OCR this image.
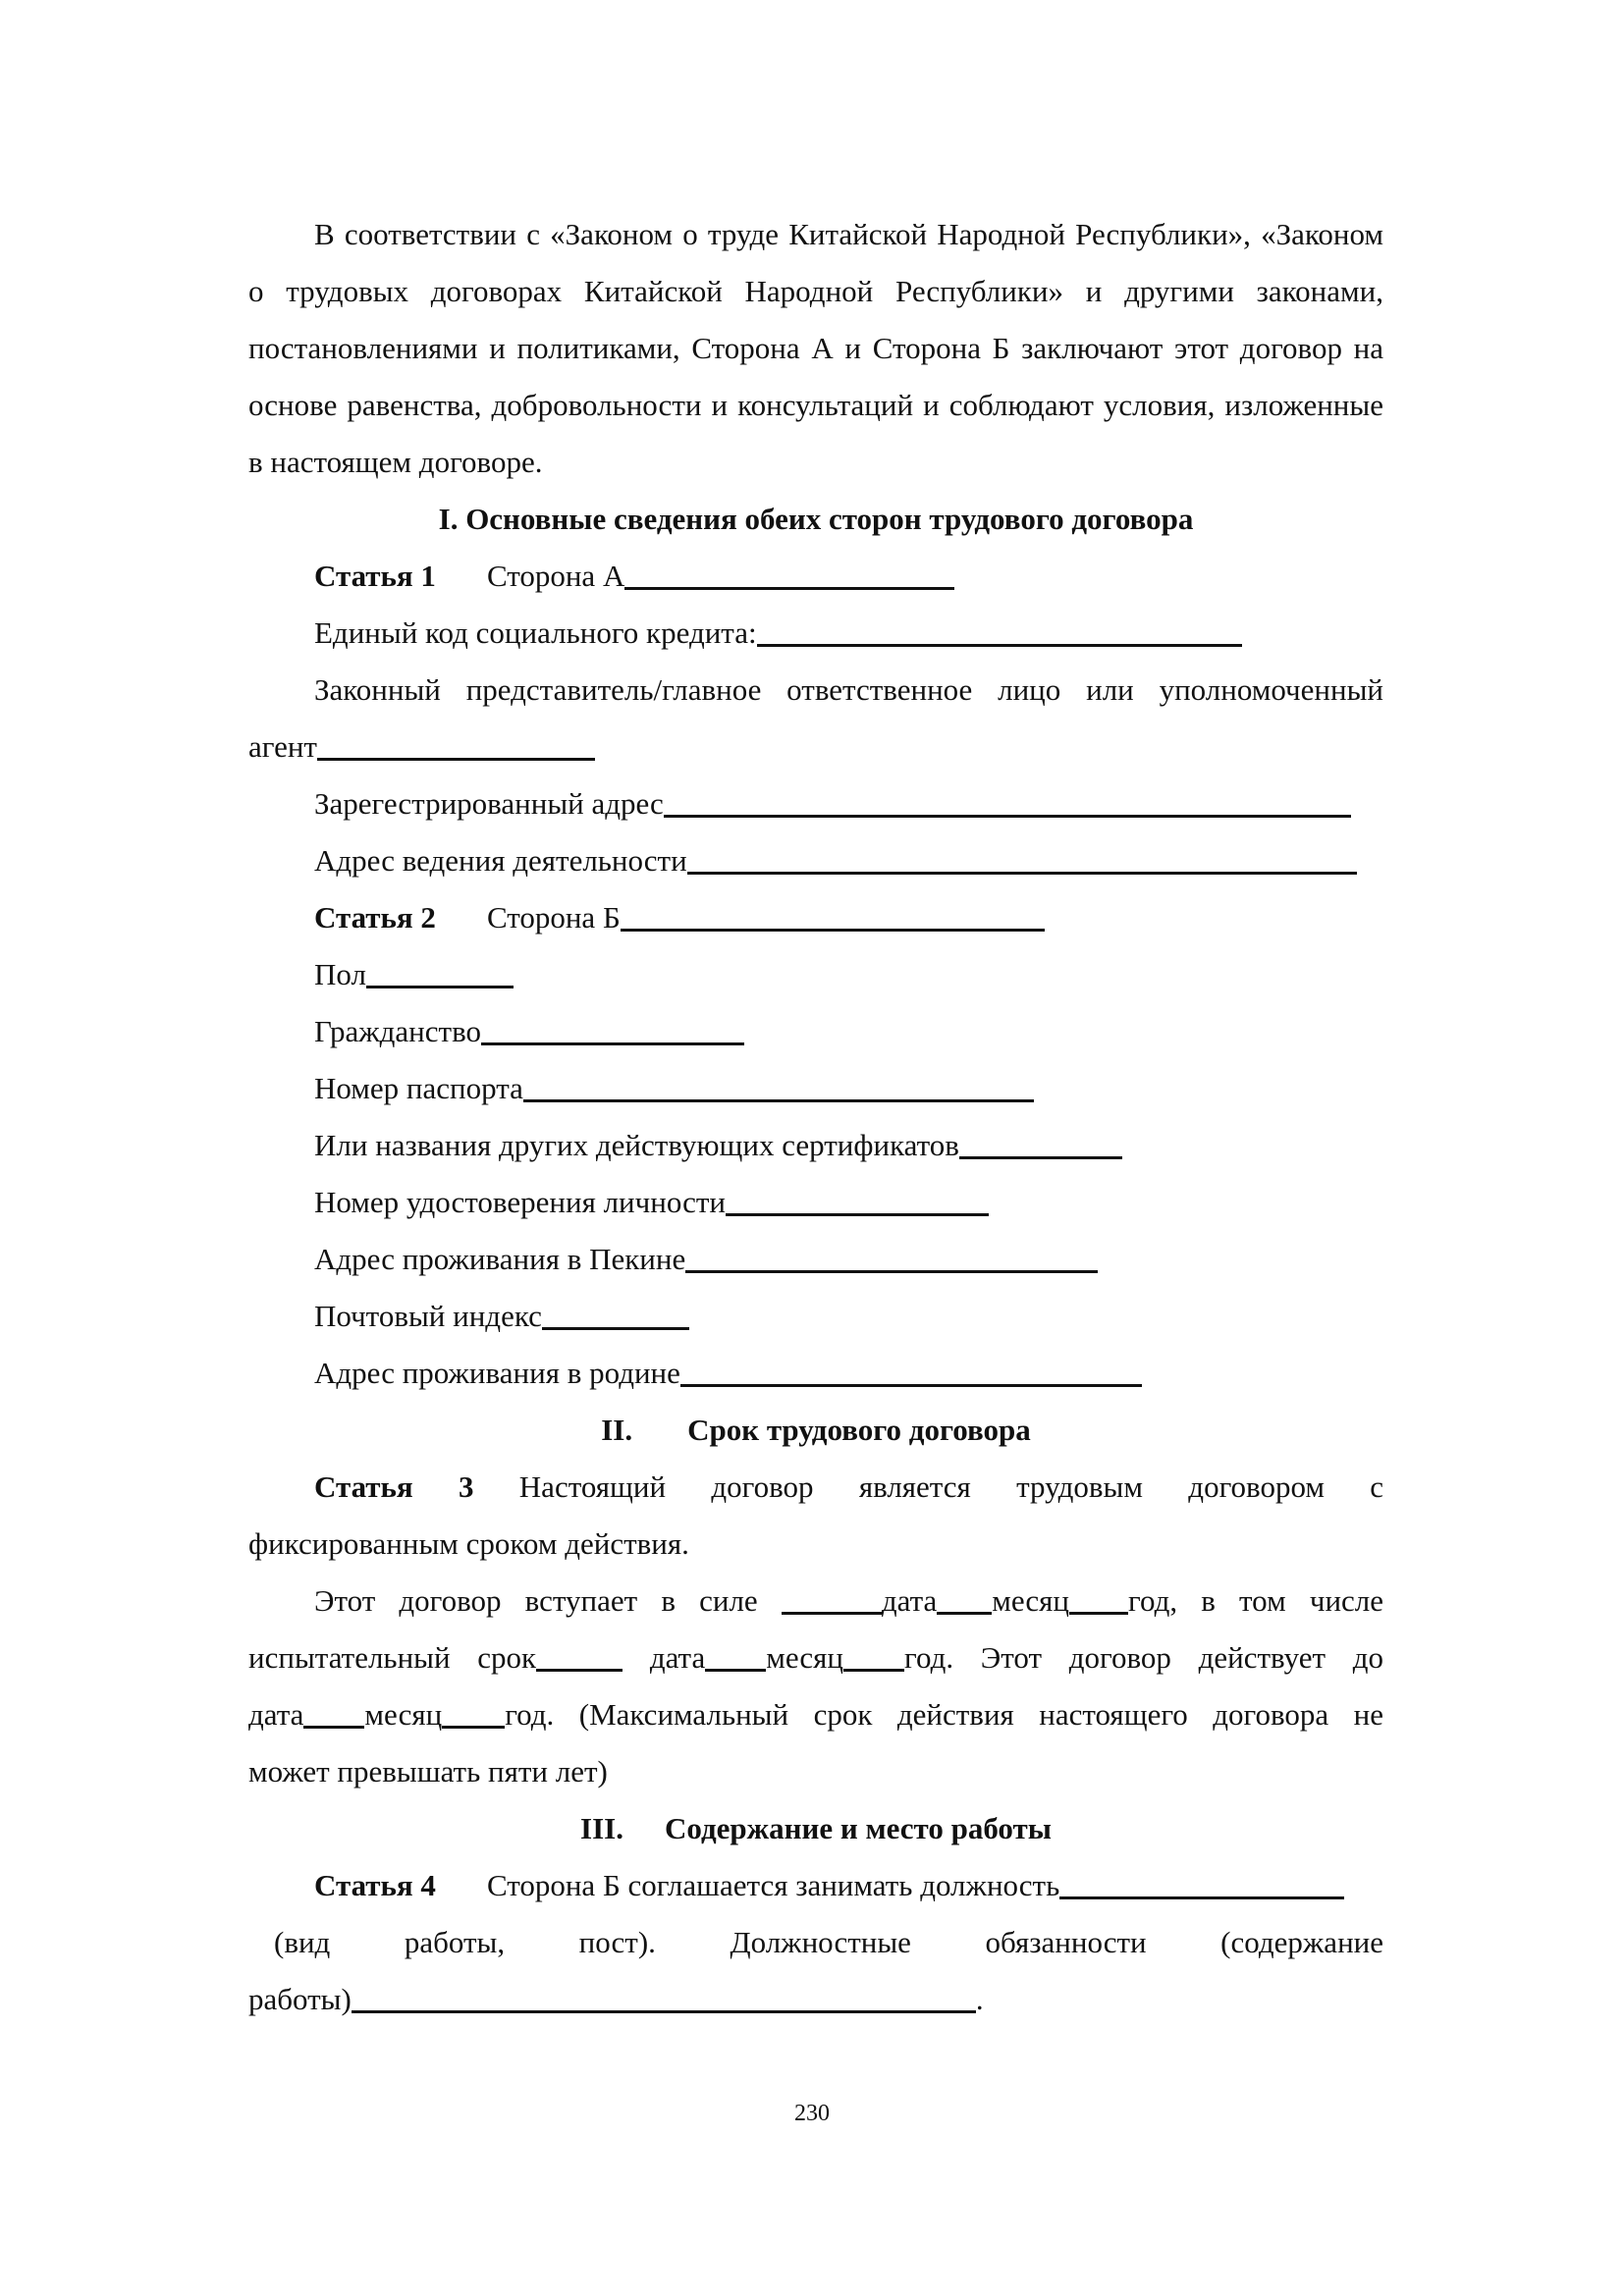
В соответствии с «Законом о труде Китайской Народной Республики», «Законом о трудовых договорах Китайской Народной Республики» и другими законами, постановлениями и политиками, Сторона А и Сторона Б заключают этот договор на основе равенства, добровольности и консультаций и соблюдают условия, изложенные в настоящем договоре.

I. Основные сведения обеих сторон трудового договора

Статья 1 Сторона А

Единый код социального кредита:

Законный представитель/главное ответственное лицо или уполномоченный

агент

Зарегестрированный адрес

Адрес ведения деятельности

Статья 2 Сторона Б

Пол

Гражданство

Номер паспорта

Или названия других действующих сертификатов

Номер удостоверения личности

Адрес проживания в Пекине

Почтовый индекс

Адрес проживания в родине

II. Срок трудового договора

Статья 3 Настоящий договор является трудовым договором с

фиксированным сроком действия.

Этот договор вступает в силе	дата месяц год, в том числе

испытательный срок	дата месяц год. Этот договор действует до

дата месяц год. (Максимальный срок действия настоящего договора не

может превышать пяти лет)

III. Содержание и место работы

Статья 4 Сторона Б соглашается занимать должность

(вид работы, пост). Должностные обязанности (содержание

работы)	.

230
